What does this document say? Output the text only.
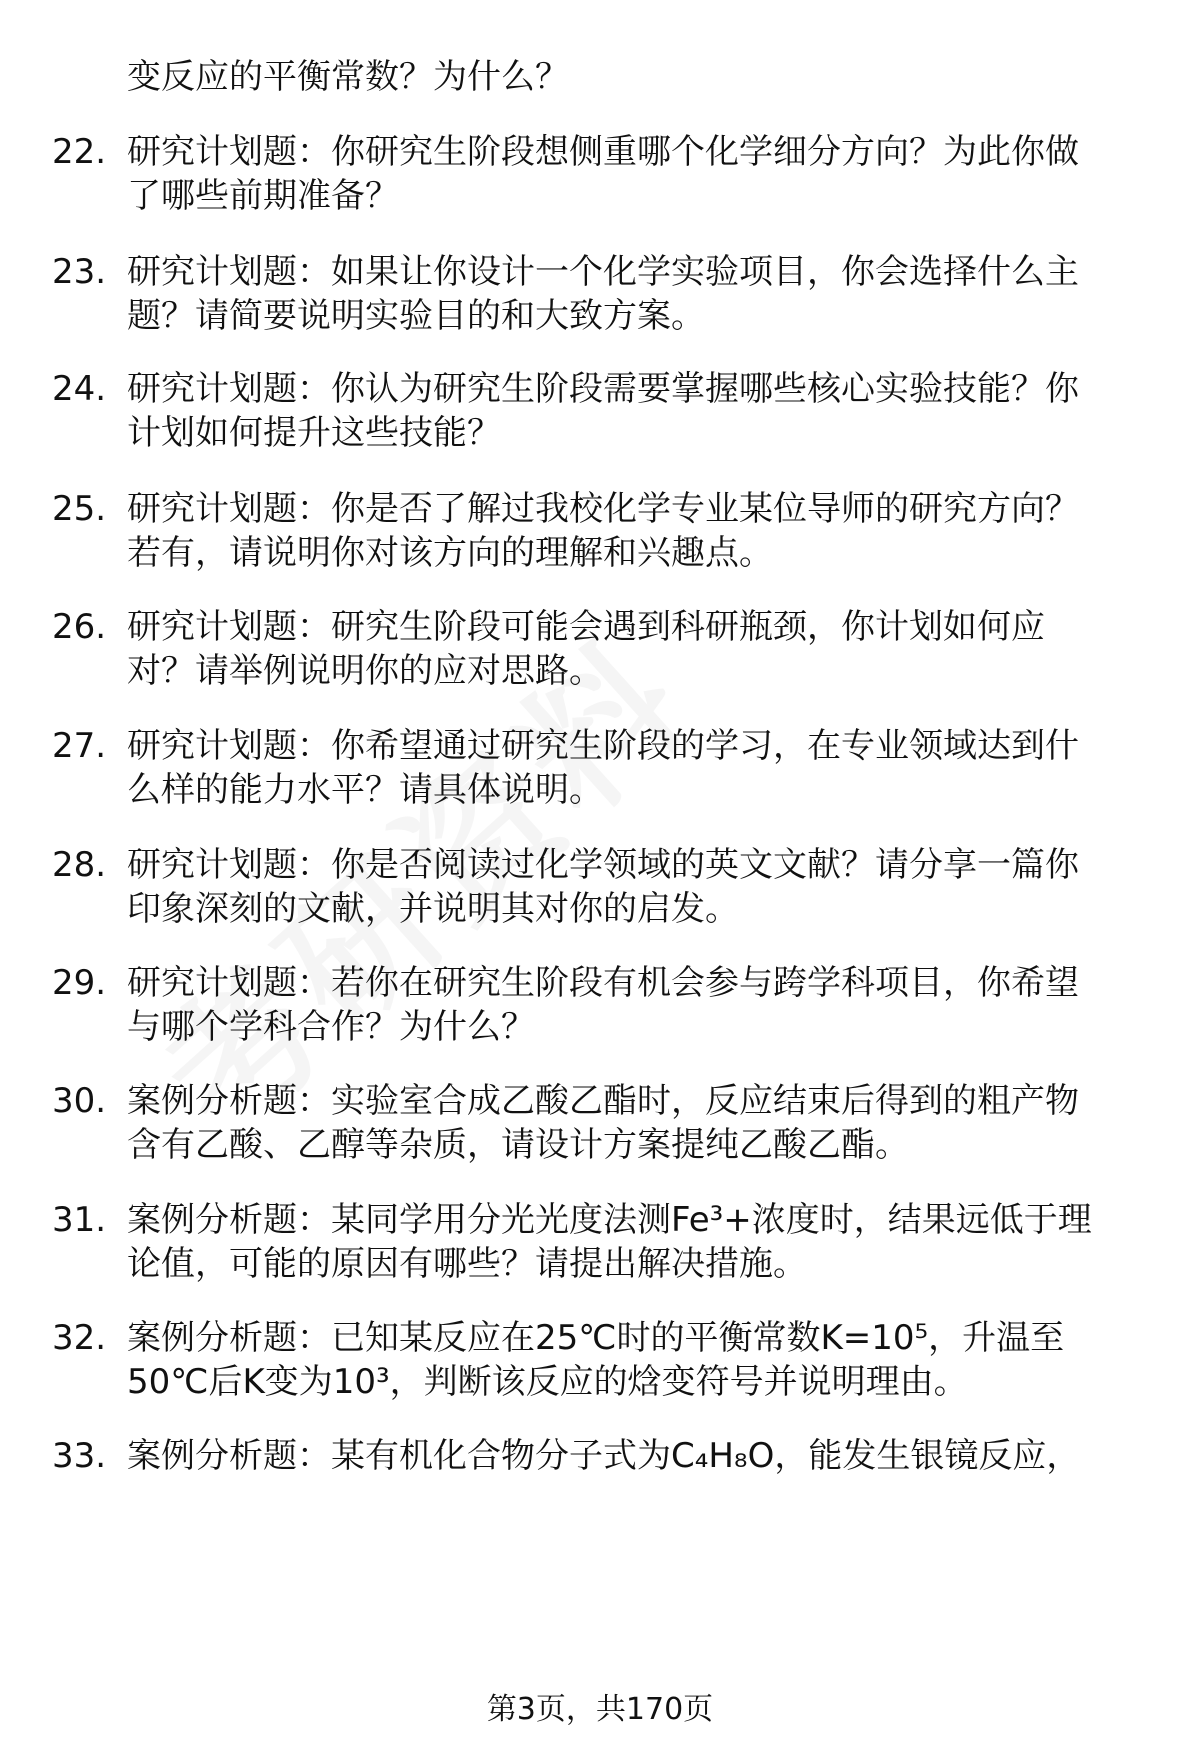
变反应的平衡常数？为什么？
22. 研究计划题：你研究生阶段想侧重哪个化学细分方向？为此你做
了哪些前期准备？
23. 研究计划题：如果让你设计一个化学实验项目，你会选择什么主
题？请简要说明实验目的和大致方案。
24. 研究计划题：你认为研究生阶段需要掌握哪些核心实验技能？你
计划如何提升这些技能？
25. 研究计划题：你是否了解过我校化学专业某位导师的研究方向？
若有，请说明你对该方向的理解和兴趣点。
26. 研究计划题：研究生阶段可能会遇到科研瓶颈，你计划如何应
对？请举例说明你的应对思路。
27. 研究计划题：你希望通过研究生阶段的学习，在专业领域达到什
么样的能力水平？请具体说明。
28. 研究计划题：你是否阅读过化学领域的英文文献？请分享一篇你
印象深刻的文献，并说明其对你的启发。
29. 研究计划题：若你在研究生阶段有机会参与跨学科项目，你希望
与哪个学科合作？为什么？
30. 案例分析题：实验室合成乙酸乙酯时，反应结束后得到的粗产物
含有乙酸、乙醇等杂质，请设计方案提纯乙酸乙酯。
31. 案例分析题：某同学用分光光度法测Fe³+浓度时，结果远低于理
论值，可能的原因有哪些？请提出解决措施。
32. 案例分析题：已知某反应在25℃时的平衡常数K=10⁵，升温至
50℃后K变为10³，判断该反应的焓变符号并说明理由。
33. 案例分析题：某有机化合物分子式为C₄H₈O，能发生银镜反应，
第3页，共170页
